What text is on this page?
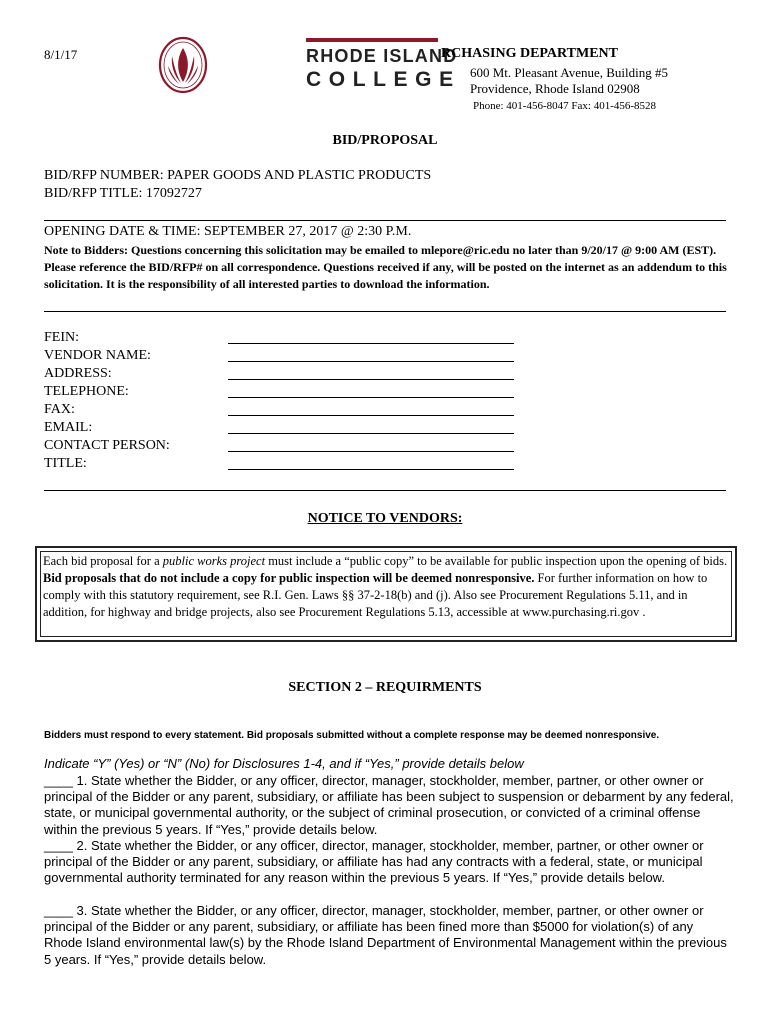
8/1/17	RHODE ISLAND
COLLEGE
RCHASING DEPARTMENT
600 Mt. Pleasant Avenue, Building #5
Providence, Rhode Island 02908
Phone: 401-456-8047 Fax: 401-456-8528
BID/PROPOSAL
BID/RFP NUMBER: PAPER GOODS AND PLASTIC PRODUCTS
BID/RFP TITLE: 17092727
OPENING DATE & TIME: SEPTEMBER 27, 2017 @ 2:30 P.M.
Note to Bidders: Questions concerning this solicitation may be emailed to mlepore@ric.edu no later than 9/20/17 @ 9:00 AM (EST). Please reference the BID/RFP# on all correspondence. Questions received if any, will be posted on the internet as an addendum to this solicitation. It is the responsibility of all interested parties to download the information.
FEIN:
VENDOR NAME:
ADDRESS:
TELEPHONE:
FAX:
EMAIL:
CONTACT PERSON:
TITLE:
NOTICE TO VENDORS:
Each bid proposal for a public works project must include a “public copy” to be available for public inspection upon the opening of bids. Bid proposals that do not include a copy for public inspection will be deemed nonresponsive. For further information on how to comply with this statutory requirement, see R.I. Gen. Laws §§ 37-2-18(b) and (j). Also see Procurement Regulations 5.11, and in addition, for highway and bridge projects, also see Procurement Regulations 5.13, accessible at www.purchasing.ri.gov .
SECTION 2 – REQUIRMENTS
Bidders must respond to every statement. Bid proposals submitted without a complete response may be deemed nonresponsive.
Indicate “Y” (Yes) or “N” (No) for Disclosures 1-4, and if “Yes,” provide details below
____ 1. State whether the Bidder, or any officer, director, manager, stockholder, member, partner, or other owner or principal of the Bidder or any parent, subsidiary, or affiliate has been subject to suspension or debarment by any federal, state, or municipal governmental authority, or the subject of criminal prosecution, or convicted of a criminal offense within the previous 5 years. If “Yes,” provide details below.
____ 2. State whether the Bidder, or any officer, director, manager, stockholder, member, partner, or other owner or principal of the Bidder or any parent, subsidiary, or affiliate has had any contracts with a federal, state, or municipal governmental authority terminated for any reason within the previous 5 years. If “Yes,” provide details below.
____ 3. State whether the Bidder, or any officer, director, manager, stockholder, member, partner, or other owner or principal of the Bidder or any parent, subsidiary, or affiliate has been fined more than $5000 for violation(s) of any Rhode Island environmental law(s) by the Rhode Island Department of Environmental Management within the previous 5 years. If “Yes,” provide details below.
